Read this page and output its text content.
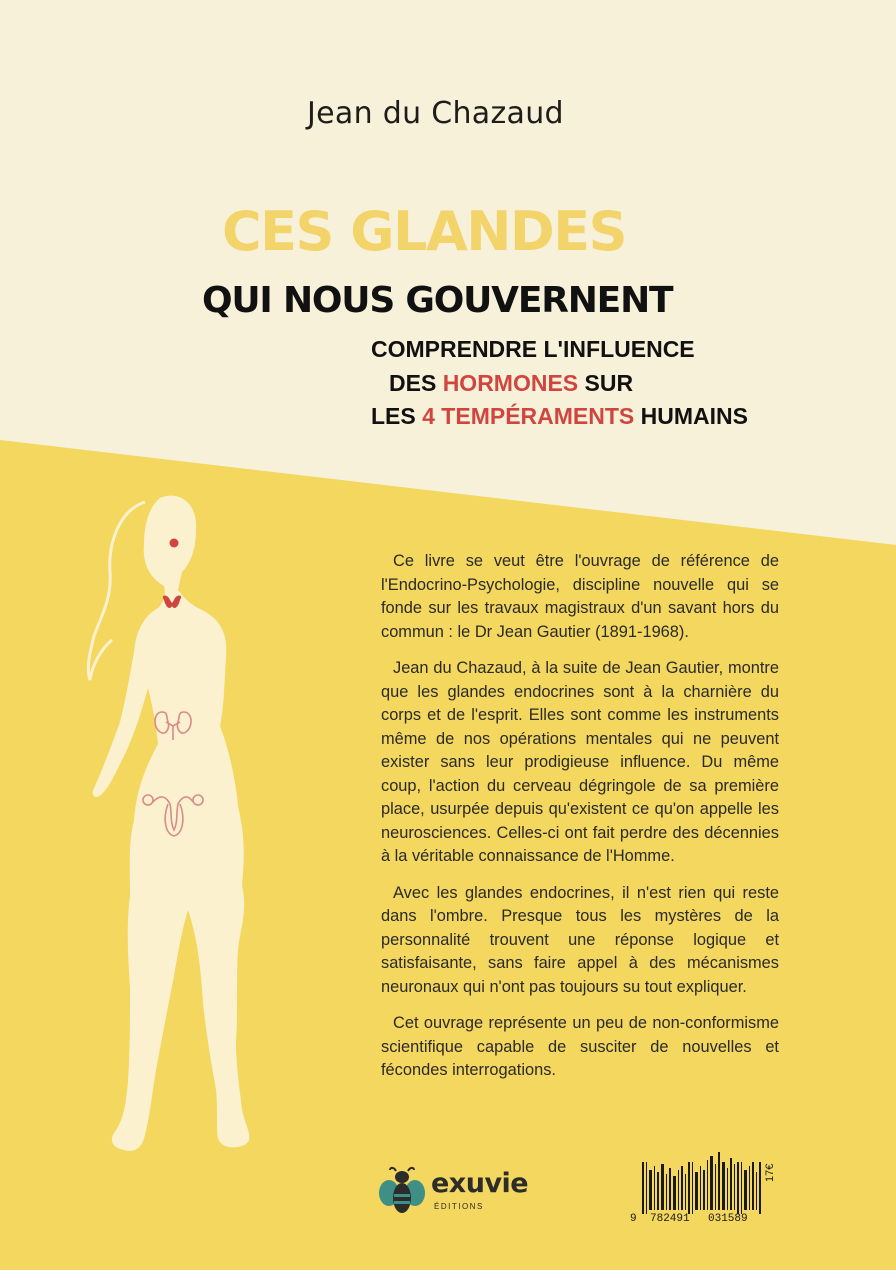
Jean du Chazaud
CES GLANDES
QUI NOUS GOUVERNENT
COMPRENDRE L'INFLUENCE
DES HORMONES SUR
LES 4 TEMPÉRAMENTS HUMAINS

Ce livre se veut être l'ouvrage de référence de l'Endocrino-Psychologie, discipline nouvelle qui se fonde sur les travaux magistraux d'un savant hors du commun : le Dr Jean Gautier (1891-1968).

Jean du Chazaud, à la suite de Jean Gautier, montre que les glandes endocrines sont à la charnière du corps et de l'esprit. Elles sont comme les instruments même de nos opérations mentales qui ne peuvent exister sans leur prodigieuse influence. Du même coup, l'action du cerveau dégringole de sa première place, usurpée depuis qu'existent ce qu'on appelle les neurosciences. Celles-ci ont fait perdre des décennies à la véritable connaissance de l'Homme.

Avec les glandes endocrines, il n'est rien qui reste dans l'ombre. Presque tous les mystères de la personnalité trouvent une réponse logique et satisfaisante, sans faire appel à des mécanismes neuronaux qui n'ont pas toujours su tout expliquer.

Cet ouvrage représente un peu de non-conformisme scientifique capable de susciter de nouvelles et fécondes interrogations.

exuvie
ÉDITIONS
9 782491 031589
17€
